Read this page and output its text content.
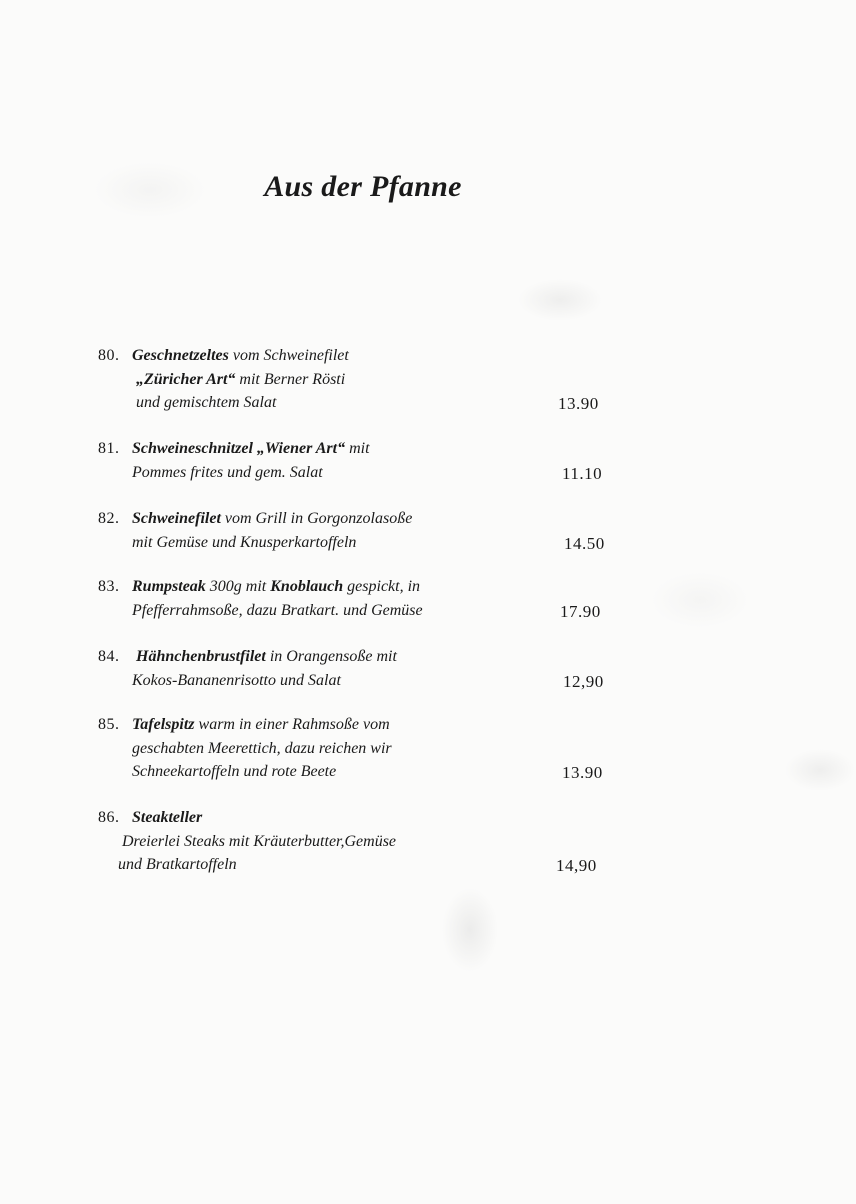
Aus der Pfanne
80. Geschnetzeltes vom Schweinefilet
„Züricher Art“ mit Berner Rösti
und gemischtem Salat	13.90
81. Schweineschnitzel „Wiener Art“ mit
Pommes frites und gem. Salat	11.10
82. Schweinefilet vom Grill in Gorgonzolasoße
mit Gemüse und Knusperkartoffeln	14.50
83. Rumpsteak 300g mit Knoblauch gespickt, in
Pfefferrahmsoße, dazu Bratkart. und Gemüse	17.90
84. Hähnchenbrustfilet in Orangensoße mit
Kokos-Bananenrisotto und Salat	12,90
85. Tafelspitz warm in einer Rahmsoße vom
geschabten Meerettich, dazu reichen wir
Schneekartoffeln und rote Beete	13.90
86. Steakteller
Dreierlei Steaks mit Kräuterbutter,Gemüse
und Bratkartoffeln	14,90
